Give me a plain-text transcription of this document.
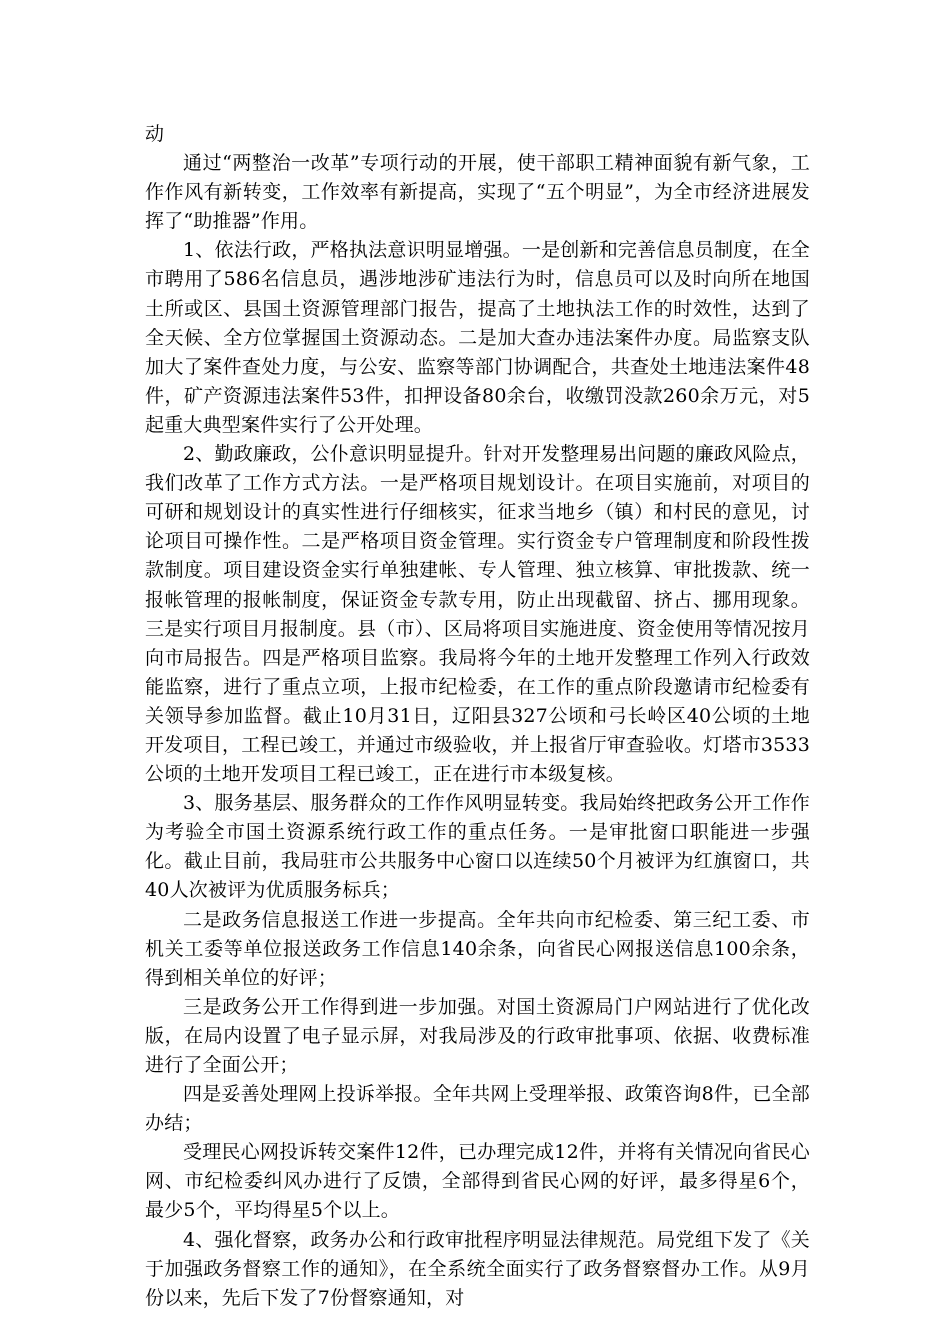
动

通过“两整治一改革”专项行动的开展，使干部职工精神面貌有新气象，工作作风有新转变，工作效率有新提高，实现了“五个明显”，为全市经济进展发挥了“助推器”作用。

1、依法行政，严格执法意识明显增强。一是创新和完善信息员制度，在全市聘用了586名信息员，遇涉地涉矿违法行为时，信息员可以及时向所在地国土所或区、县国土资源管理部门报告，提高了土地执法工作的时效性，达到了全天候、全方位掌握国土资源动态。二是加大查办违法案件办度。局监察支队加大了案件查处力度，与公安、监察等部门协调配合，共查处土地违法案件48件，矿产资源违法案件53件，扣押设备80余台，收缴罚没款260余万元，对5起重大典型案件实行了公开处理。

2、勤政廉政，公仆意识明显提升。针对开发整理易出问题的廉政风险点，我们改革了工作方式方法。一是严格项目规划设计。在项目实施前，对项目的可研和规划设计的真实性进行仔细核实，征求当地乡（镇）和村民的意见，讨论项目可操作性。二是严格项目资金管理。实行资金专户管理制度和阶段性拨款制度。项目建设资金实行单独建帐、专人管理、独立核算、审批拨款、统一报帐管理的报帐制度，保证资金专款专用，防止出现截留、挤占、挪用现象。三是实行项目月报制度。县（市）、区局将项目实施进度、资金使用等情况按月向市局报告。四是严格项目监察。我局将今年的土地开发整理工作列入行政效能监察，进行了重点立项，上报市纪检委，在工作的重点阶段邀请市纪检委有关领导参加监督。截止10月31日，辽阳县327公顷和弓长岭区40公顷的土地开发项目，工程已竣工，并通过市级验收，并上报省厅审查验收。灯塔市3533公顷的土地开发项目工程已竣工，正在进行市本级复核。

3、服务基层、服务群众的工作作风明显转变。我局始终把政务公开工作作为考验全市国土资源系统行政工作的重点任务。一是审批窗口职能进一步强化。截止目前，我局驻市公共服务中心窗口以连续50个月被评为红旗窗口，共40人次被评为优质服务标兵；

二是政务信息报送工作进一步提高。全年共向市纪检委、第三纪工委、市机关工委等单位报送政务工作信息140余条，向省民心网报送信息100余条，得到相关单位的好评；

三是政务公开工作得到进一步加强。对国土资源局门户网站进行了优化改版，在局内设置了电子显示屏，对我局涉及的行政审批事项、依据、收费标准进行了全面公开；

四是妥善处理网上投诉举报。全年共网上受理举报、政策咨询8件，已全部办结；

受理民心网投诉转交案件12件，已办理完成12件，并将有关情况向省民心网、市纪检委纠风办进行了反馈，全部得到省民心网的好评，最多得星6个，最少5个，平均得星5个以上。

4、强化督察，政务办公和行政审批程序明显法律规范。局党组下发了《关于加强政务督察工作的通知》，在全系统全面实行了政务督察督办工作。从9月份以来，先后下发了7份督察通知，对
